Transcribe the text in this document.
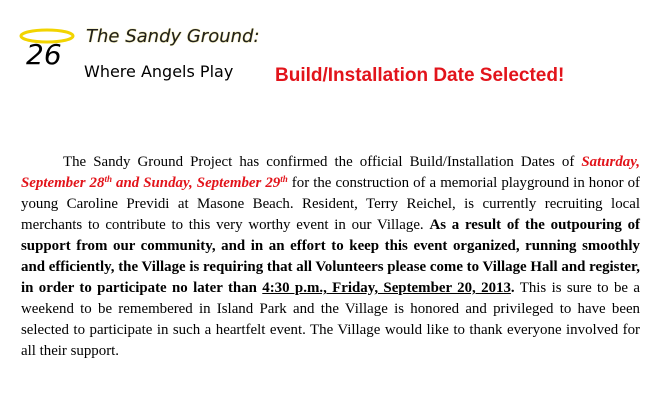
26
The Sandy Ground:
Where Angels Play Build/Installation Date Selected!
The Sandy Ground Project has confirmed the official Build/Installation Dates of Saturday, September 28th and Sunday, September 29th for the construction of a memorial playground in honor of young Caroline Previdi at Masone Beach. Resident, Terry Reichel, is currently recruiting local merchants to contribute to this very worthy event in our Village. As a result of the outpouring of support from our community, and in an effort to keep this event organized, running smoothly and efficiently, the Village is requiring that all Volunteers please come to Village Hall and register, in order to participate no later than 4:30 p.m., Friday, September 20, 2013. This is sure to be a weekend to be remembered in Island Park and the Village is honored and privileged to have been selected to participate in such a heartfelt event. The Village would like to thank everyone involved for all their support.
